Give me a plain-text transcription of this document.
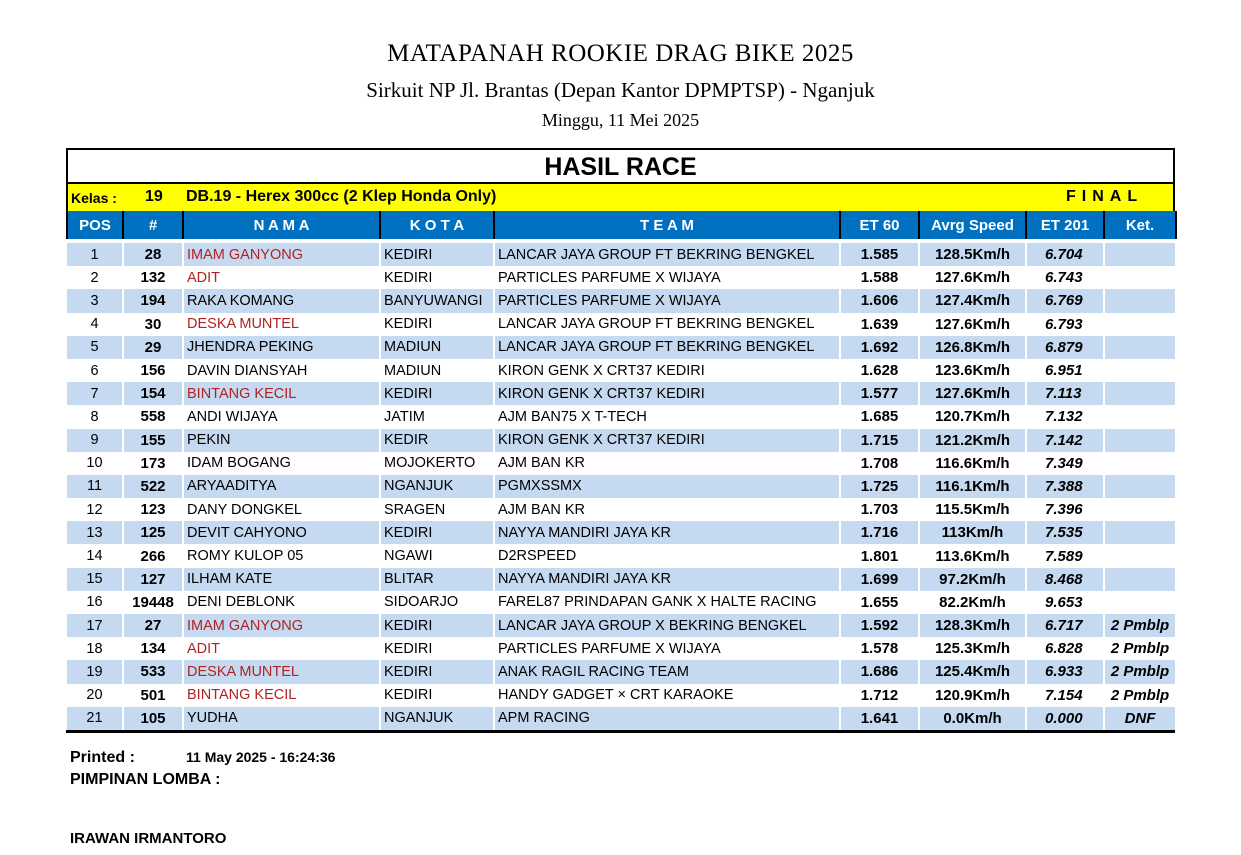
MATAPANAH ROOKIE DRAG BIKE 2025
Sirkuit NP Jl. Brantas (Depan Kantor DPMPTSP) - Nganjuk
Minggu, 11 Mei 2025
HASIL RACE
Kelas : 19 DB.19 - Herex 300cc (2 Klep Honda Only)	FINAL
POS	#	N A M A	K O T A	T E A M	ET 60	Avrg Speed	ET 201	Ket.
1	28	IMAM GANYONG	KEDIRI	LANCAR JAYA GROUP FT BEKRING BENGKEL	1.585	128.5Km/h	6.704	
2	132	ADIT	KEDIRI	PARTICLES PARFUME X WIJAYA	1.588	127.6Km/h	6.743	
3	194	RAKA KOMANG	BANYUWANGI	PARTICLES PARFUME X WIJAYA	1.606	127.4Km/h	6.769	
4	30	DESKA MUNTEL	KEDIRI	LANCAR JAYA GROUP FT BEKRING BENGKEL	1.639	127.6Km/h	6.793	
5	29	JHENDRA PEKING	MADIUN	LANCAR JAYA GROUP FT BEKRING BENGKEL	1.692	126.8Km/h	6.879	
6	156	DAVIN DIANSYAH	MADIUN	KIRON GENK X CRT37 KEDIRI	1.628	123.6Km/h	6.951	
7	154	BINTANG KECIL	KEDIRI	KIRON GENK X CRT37 KEDIRI	1.577	127.6Km/h	7.113	
8	558	ANDI WIJAYA	JATIM	AJM BAN75 X T-TECH	1.685	120.7Km/h	7.132	
9	155	PEKIN	KEDIR	KIRON GENK X CRT37 KEDIRI	1.715	121.2Km/h	7.142	
10	173	IDAM BOGANG	MOJOKERTO	AJM BAN KR	1.708	116.6Km/h	7.349	
11	522	ARYAADITYA	NGANJUK	PGMXSSMX	1.725	116.1Km/h	7.388	
12	123	DANY DONGKEL	SRAGEN	AJM BAN KR	1.703	115.5Km/h	7.396	
13	125	DEVIT CAHYONO	KEDIRI	NAYYA MANDIRI JAYA KR	1.716	113Km/h	7.535	
14	266	ROMY KULOP 05	NGAWI	D2RSPEED	1.801	113.6Km/h	7.589	
15	127	ILHAM KATE	BLITAR	NAYYA MANDIRI JAYA KR	1.699	97.2Km/h	8.468	
16	19448	DENI DEBLONK	SIDOARJO	FAREL87 PRINDAPAN GANK X HALTE RACING	1.655	82.2Km/h	9.653	
17	27	IMAM GANYONG	KEDIRI	LANCAR JAYA GROUP X BEKRING BENGKEL	1.592	128.3Km/h	6.717	2 Pmblp
18	134	ADIT	KEDIRI	PARTICLES PARFUME X WIJAYA	1.578	125.3Km/h	6.828	2 Pmblp
19	533	DESKA MUNTEL	KEDIRI	ANAK RAGIL RACING TEAM	1.686	125.4Km/h	6.933	2 Pmblp
20	501	BINTANG KECIL	KEDIRI	HANDY GADGET × CRT KARAOKE	1.712	120.9Km/h	7.154	2 Pmblp
21	105	YUDHA	NGANJUK	APM RACING	1.641	0.0Km/h	0.000	DNF
Printed :	11 May 2025 - 16:24:36
PIMPINAN LOMBA :
IRAWAN IRMANTORO
